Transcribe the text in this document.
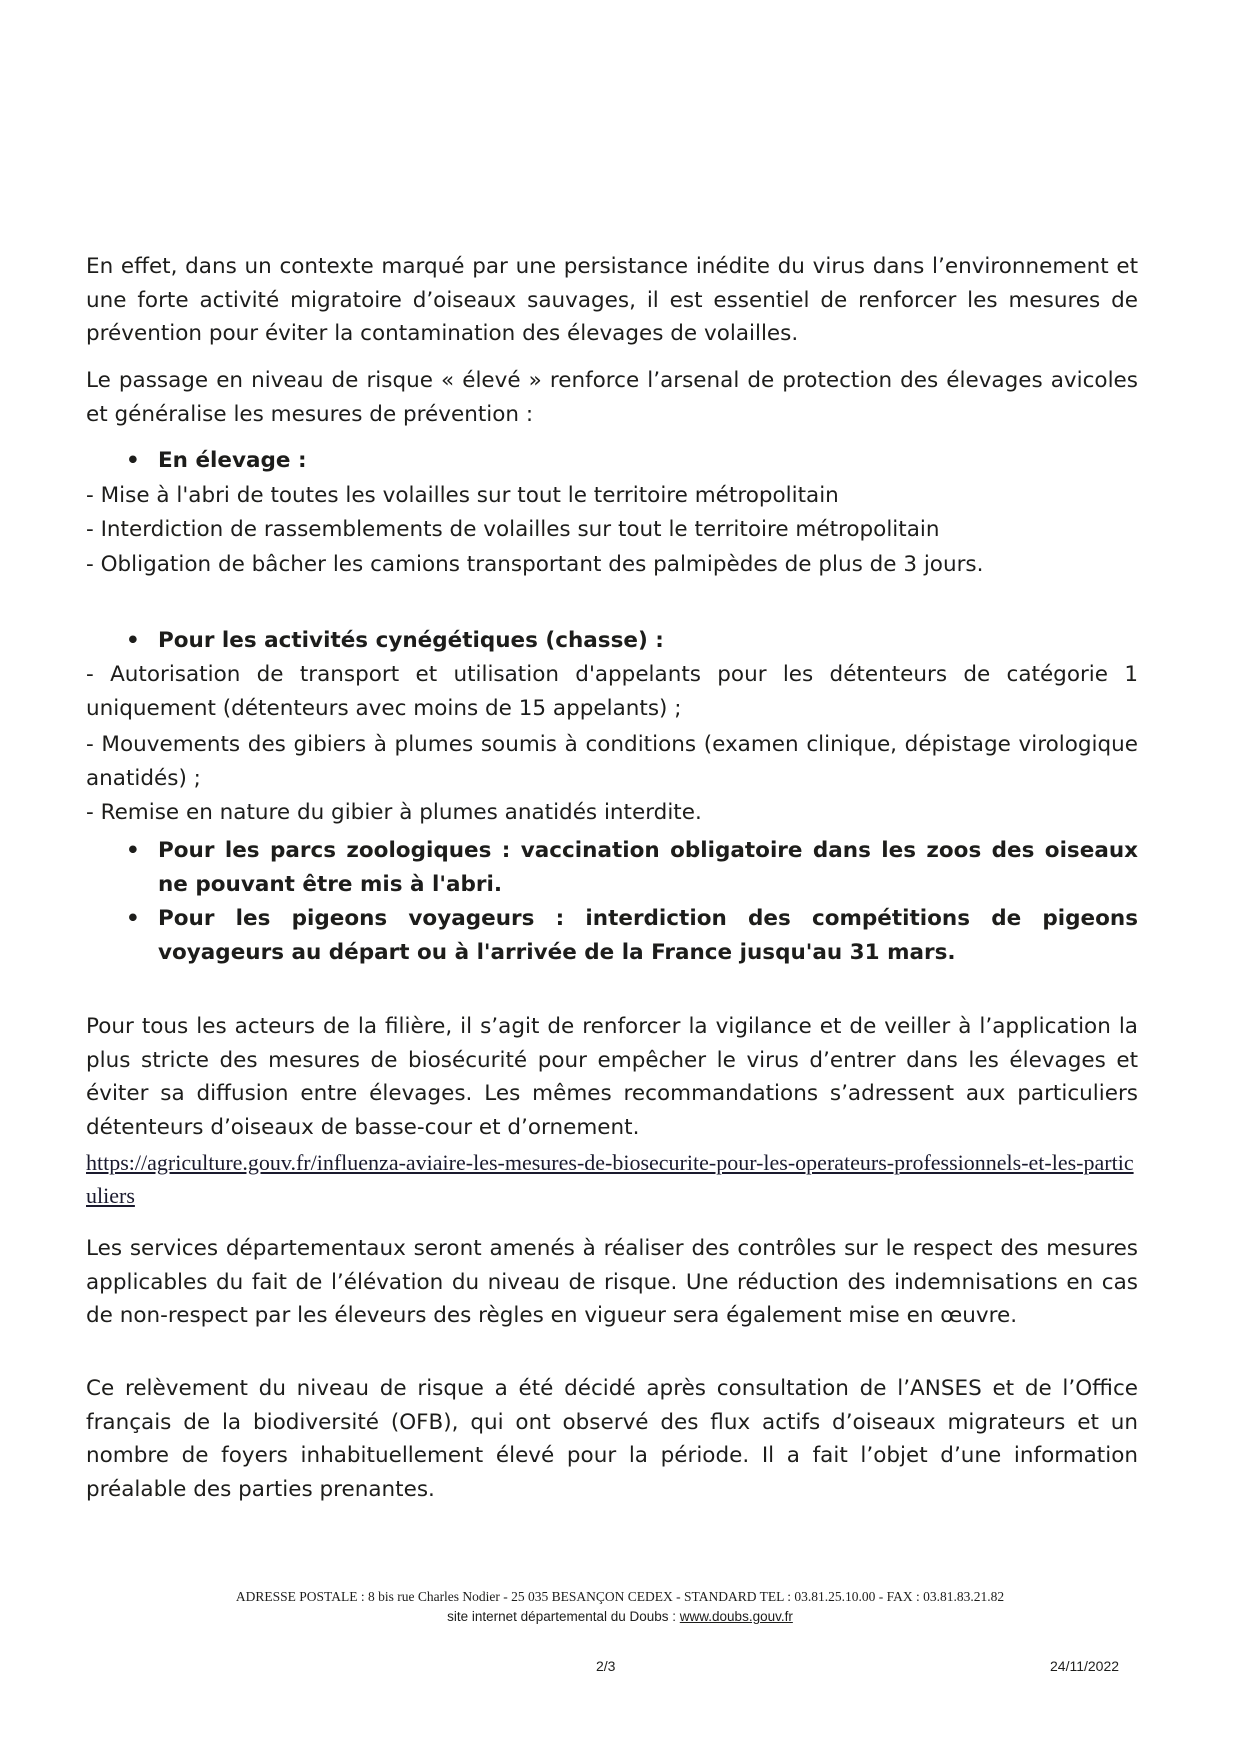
En effet, dans un contexte marqué par une persistance inédite du virus dans l’environnement et une forte activité migratoire d’oiseaux sauvages, il est essentiel de renforcer les mesures de prévention pour éviter la contamination des élevages de volailles.

Le passage en niveau de risque « élevé » renforce l’arsenal de protection des élevages avicoles et généralise les mesures de prévention :

• En élevage :
- Mise à l'abri de toutes les volailles sur tout le territoire métropolitain
- Interdiction de rassemblements de volailles sur tout le territoire métropolitain
- Obligation de bâcher les camions transportant des palmipèdes de plus de 3 jours.
• Pour les activités cynégétiques (chasse) :
- Autorisation de transport et utilisation d'appelants pour les détenteurs de catégorie 1 uniquement (détenteurs avec moins de 15 appelants) ;
- Mouvements des gibiers à plumes soumis à conditions (examen clinique, dépistage virologique anatidés) ;
- Remise en nature du gibier à plumes anatidés interdite.
• Pour les parcs zoologiques : vaccination obligatoire dans les zoos des oiseaux ne pouvant être mis à l'abri.
• Pour les pigeons voyageurs : interdiction des compétitions de pigeons voyageurs au départ ou à l'arrivée de la France jusqu'au 31 mars.

Pour tous les acteurs de la filière, il s’agit de renforcer la vigilance et de veiller à l’application la plus stricte des mesures de biosécurité pour empêcher le virus d’entrer dans les élevages et éviter sa diffusion entre élevages. Les mêmes recommandations s’adressent aux particuliers détenteurs d’oiseaux de basse-cour et d’ornement.

https://agriculture.gouv.fr/influenza-aviaire-les-mesures-de-biosecurite-pour-les-operateurs-professionnels-et-les-particuliers

Les services départementaux seront amenés à réaliser des contrôles sur le respect des mesures applicables du fait de l’élévation du niveau de risque. Une réduction des indemnisations en cas de non-respect par les éleveurs des règles en vigueur sera également mise en œuvre.

Ce relèvement du niveau de risque a été décidé après consultation de l’ANSES et de l’Office français de la biodiversité (OFB), qui ont observé des flux actifs d’oiseaux migrateurs et un nombre de foyers inhabituellement élevé pour la période. Il a fait l’objet d’une information préalable des parties prenantes.

ADRESSE POSTALE : 8 bis rue Charles Nodier - 25 035 BESANÇON CEDEX - STANDARD TEL : 03.81.25.10.00 - FAX : 03.81.83.21.82
site internet départemental du Doubs : www.doubs.gouv.fr
2/3	24/11/2022
